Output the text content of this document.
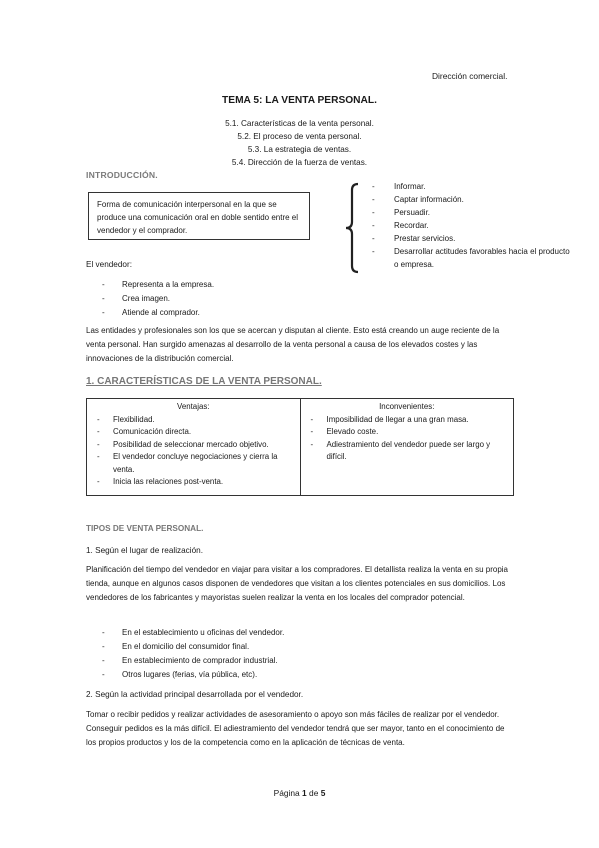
Dirección comercial.
TEMA 5: LA VENTA PERSONAL.
5.1. Características de la venta personal.
5.2. El proceso de venta personal.
5.3. La estrategia de ventas.
5.4. Dirección de la fuerza de ventas.
INTRODUCCIÓN.
Forma de comunicación interpersonal en la que se produce una comunicación oral en doble sentido entre el vendedor y el comprador.
- Informar.
- Captar información.
- Persuadir.
- Recordar.
- Prestar servicios.
- Desarrollar actitudes favorables hacia el producto o empresa.
El vendedor:
- Representa a la empresa.
- Crea imagen.
- Atiende al comprador.
Las entidades y profesionales son los que se acercan y disputan al cliente. Esto está creando un auge reciente de la venta personal. Han surgido amenazas al desarrollo de la venta personal a causa de los elevados costes y las innovaciones de la distribución comercial.
1. CARACTERÍSTICAS DE LA VENTA PERSONAL.
Ventajas:
- Flexibilidad.
- Comunicación directa.
- Posibilidad de seleccionar mercado objetivo.
- El vendedor concluye negociaciones y cierra la venta.
- Inicia las relaciones post-venta.

Inconvenientes:
- Imposibilidad de llegar a una gran masa.
- Elevado coste.
- Adiestramiento del vendedor puede ser largo y difícil.
TIPOS DE VENTA PERSONAL.
1. Según el lugar de realización.
Planificación del tiempo del vendedor en viajar para visitar a los compradores. El detallista realiza la venta en su propia tienda, aunque en algunos casos disponen de vendedores que visitan a los clientes potenciales en sus domicilios. Los vendedores de los fabricantes y mayoristas suelen realizar la venta en los locales del comprador potencial.
- En el establecimiento u oficinas del vendedor.
- En el domicilio del consumidor final.
- En establecimiento de comprador industrial.
- Otros lugares (ferias, vía pública, etc).
2. Según la actividad principal desarrollada por el vendedor.
Tomar o recibir pedidos y realizar actividades de asesoramiento o apoyo son más fáciles de realizar por el vendedor. Conseguir pedidos es la más difícil. El adiestramiento del vendedor tendrá que ser mayor, tanto en el conocimiento de los propios productos y los de la competencia como en la aplicación de técnicas de venta.
Página 1 de 5
